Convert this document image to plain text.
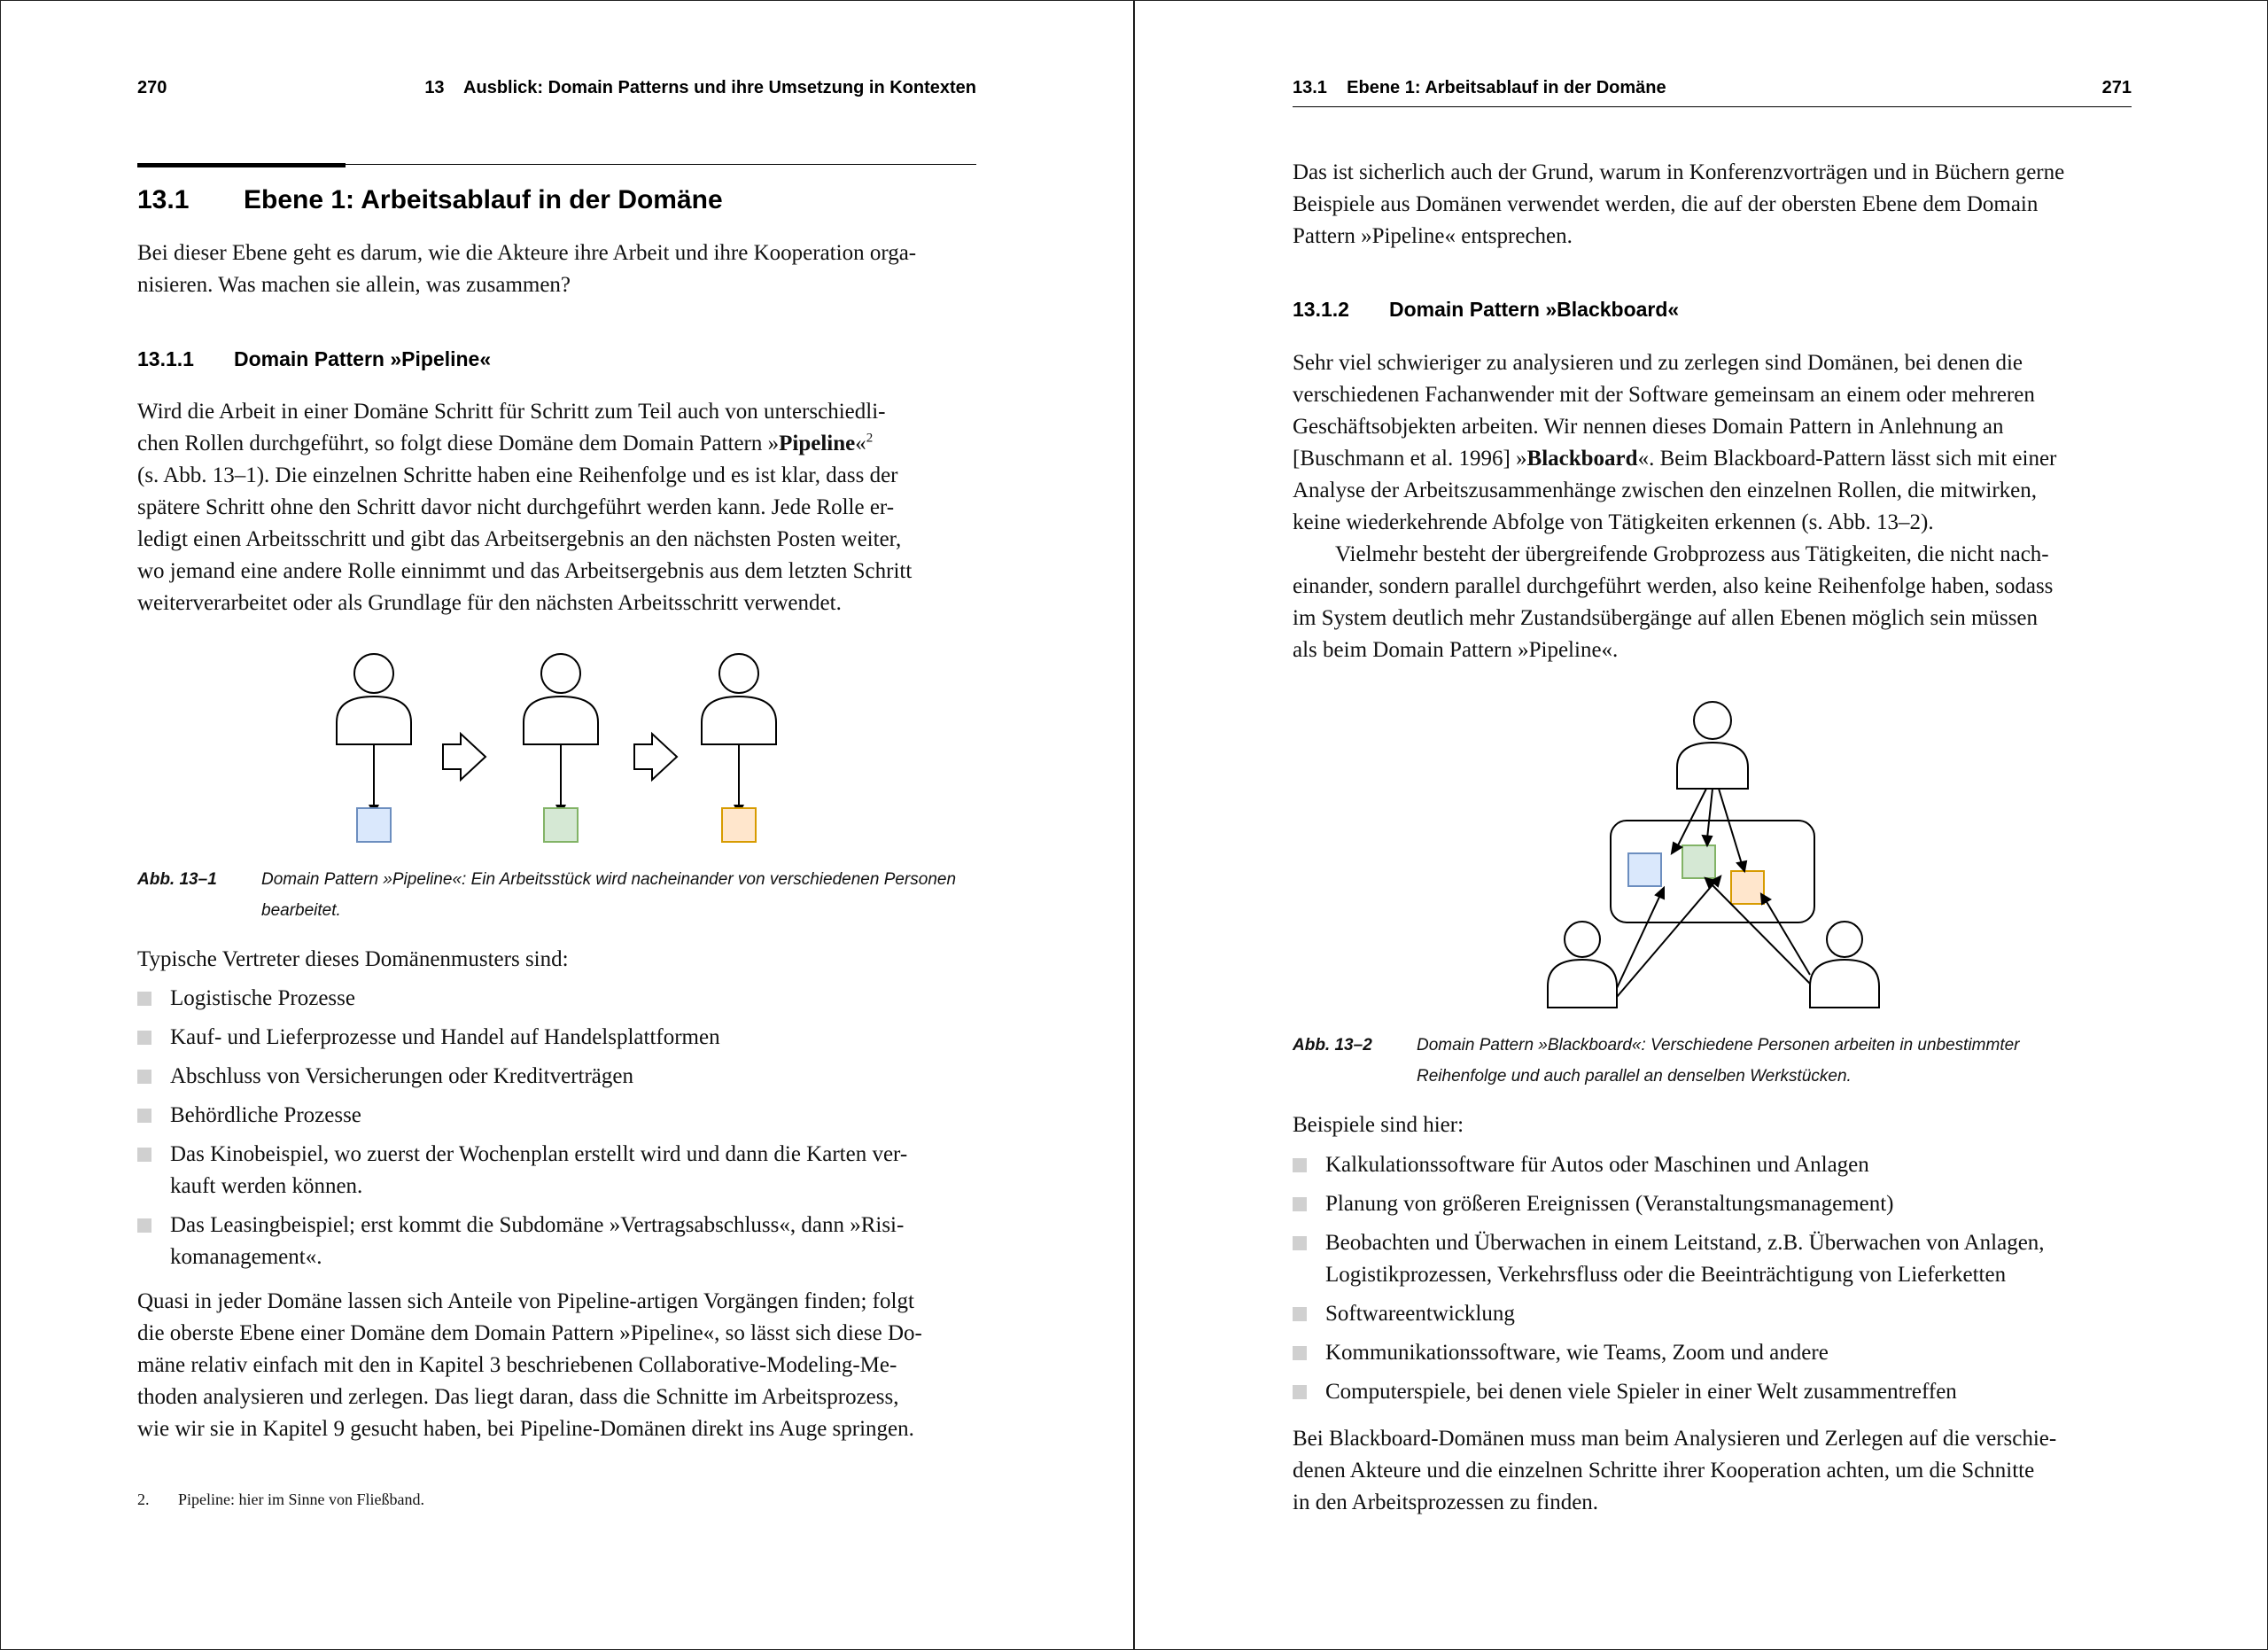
270	13    Ausblick: Domain Patterns und ihre Umsetzung in Kontexten
13.1 Ebene 1: Arbeitsablauf in der Domäne
Bei dieser Ebene geht es darum, wie die Akteure ihre Arbeit und ihre Kooperation orga-
nisieren. Was machen sie allein, was zusammen?
13.1.1 Domain Pattern »Pipeline«
Wird die Arbeit in einer Domäne Schritt für Schritt zum Teil auch von unterschiedli-
chen Rollen durchgeführt, so folgt diese Domäne dem Domain Pattern »Pipeline«$^2$
(s. Abb. 13–1). Die einzelnen Schritte haben eine Reihenfolge und es ist klar, dass der
spätere Schritt ohne den Schritt davor nicht durchgeführt werden kann. Jede Rolle er-
ledigt einen Arbeitsschritt und gibt das Arbeitsergebnis an den nächsten Posten weiter,
wo jemand eine andere Rolle einnimmt und das Arbeitsergebnis aus dem letzten Schritt
weiterverarbeitet oder als Grundlage für den nächsten Arbeitsschritt verwendet.
Abb. 13–1	Domain Pattern »Pipeline«: Ein Arbeitsstück wird nacheinander von verschiedenen Personen
bearbeitet.
Typische Vertreter dieses Domänenmusters sind:
Logistische Prozesse
Kauf- und Lieferprozesse und Handel auf Handelsplattformen
Abschluss von Versicherungen oder Kreditverträgen
Behördliche Prozesse
Das Kinobeispiel, wo zuerst der Wochenplan erstellt wird und dann die Karten ver-
kauft werden können.
Das Leasingbeispiel; erst kommt die Subdomäne »Vertragsabschluss«, dann »Risi-
komanagement«.
Quasi in jeder Domäne lassen sich Anteile von Pipeline-artigen Vorgängen finden; folgt
die oberste Ebene einer Domäne dem Domain Pattern »Pipeline«, so lässt sich diese Do-
mäne relativ einfach mit den in Kapitel 3 beschriebenen Collaborative-Modeling-Me-
thoden analysieren und zerlegen. Das liegt daran, dass die Schnitte im Arbeitsprozess,
wie wir sie in Kapitel 9 gesucht haben, bei Pipeline-Domänen direkt ins Auge springen.
2. Pipeline: hier im Sinne von Fließband.
13.1    Ebene 1: Arbeitsablauf in der Domäne	271
Das ist sicherlich auch der Grund, warum in Konferenzvorträgen und in Büchern gerne
Beispiele aus Domänen verwendet werden, die auf der obersten Ebene dem Domain
Pattern »Pipeline« entsprechen.
13.1.2 Domain Pattern »Blackboard«
Sehr viel schwieriger zu analysieren und zu zerlegen sind Domänen, bei denen die
verschiedenen Fachanwender mit der Software gemeinsam an einem oder mehreren
Geschäftsobjekten arbeiten. Wir nennen dieses Domain Pattern in Anlehnung an
[Buschmann et al. 1996] »Blackboard«. Beim Blackboard-Pattern lässt sich mit einer
Analyse der Arbeitszusammenhänge zwischen den einzelnen Rollen, die mitwirken,
keine wiederkehrende Abfolge von Tätigkeiten erkennen (s. Abb. 13–2).
Vielmehr besteht der übergreifende Grobprozess aus Tätigkeiten, die nicht nach-
einander, sondern parallel durchgeführt werden, also keine Reihenfolge haben, sodass
im System deutlich mehr Zustandsübergänge auf allen Ebenen möglich sein müssen
als beim Domain Pattern »Pipeline«.
Abb. 13–2	Domain Pattern »Blackboard«: Verschiedene Personen arbeiten in unbestimmter
Reihenfolge und auch parallel an denselben Werkstücken.
Beispiele sind hier:
Kalkulationssoftware für Autos oder Maschinen und Anlagen
Planung von größeren Ereignissen (Veranstaltungsmanagement)
Beobachten und Überwachen in einem Leitstand, z.B. Überwachen von Anlagen,
Logistikprozessen, Verkehrsfluss oder die Beeinträchtigung von Lieferketten
Softwareentwicklung
Kommunikationssoftware, wie Teams, Zoom und andere
Computerspiele, bei denen viele Spieler in einer Welt zusammentreffen
Bei Blackboard-Domänen muss man beim Analysieren und Zerlegen auf die verschie-
denen Akteure und die einzelnen Schritte ihrer Kooperation achten, um die Schnitte
in den Arbeitsprozessen zu finden.
